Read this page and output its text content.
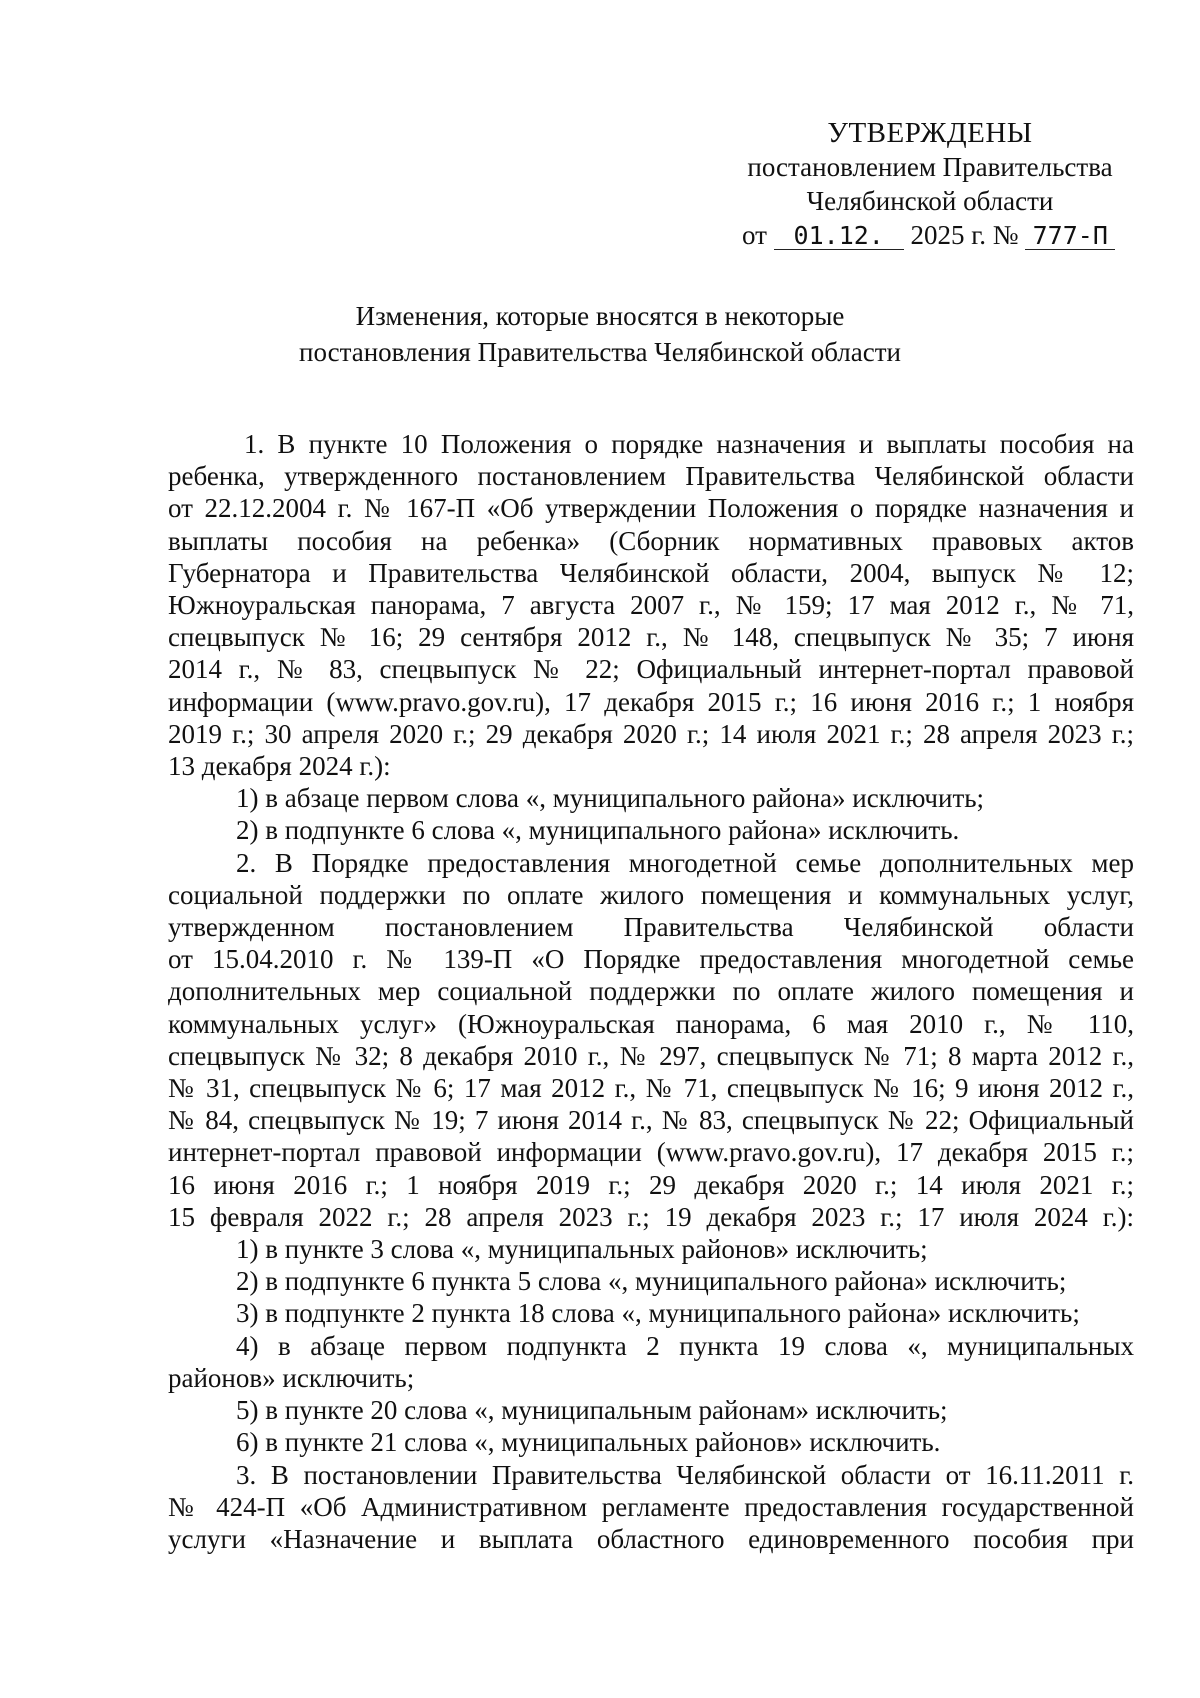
УТВЕРЖДЕНЫ
постановлением Правительства
Челябинской области
от 01.12. 2025 г. № 777-П
Изменения, которые вносятся в некоторые
постановления Правительства Челябинской области

1. В пункте 10 Положения о порядке назначения и выплаты пособия на

ребенка, утвержденного постановлением Правительства Челябинской области

от 22.12.2004 г. № 167-П «Об утверждении Положения о порядке назначения и

выплаты пособия на ребенка» (Сборник нормативных правовых актов

Губернатора и Правительства Челябинской области, 2004, выпуск № 12;

Южноуральская панорама, 7 августа 2007 г., № 159; 17 мая 2012 г., № 71,

спецвыпуск № 16; 29 сентября 2012 г., № 148, спецвыпуск № 35; 7 июня

2014 г., № 83, спецвыпуск № 22; Официальный интернет-портал правовой

информации (www.pravo.gov.ru), 17 декабря 2015 г.; 16 июня 2016 г.; 1 ноября

2019 г.; 30 апреля 2020 г.; 29 декабря 2020 г.; 14 июля 2021 г.; 28 апреля 2023 г.;

13 декабря 2024 г.):

1) в абзаце первом слова «, муниципального района» исключить;

2) в подпункте 6 слова «, муниципального района» исключить.

2. В Порядке предоставления многодетной семье дополнительных мер

социальной поддержки по оплате жилого помещения и коммунальных услуг,

утвержденном постановлением Правительства Челябинской области

от 15.04.2010 г. № 139-П «О Порядке предоставления многодетной семье

дополнительных мер социальной поддержки по оплате жилого помещения и

коммунальных услуг» (Южноуральская панорама, 6 мая 2010 г., № 110,

спецвыпуск № 32; 8 декабря 2010 г., № 297, спецвыпуск № 71; 8 марта 2012 г.,

№ 31, спецвыпуск № 6; 17 мая 2012 г., № 71, спецвыпуск № 16; 9 июня 2012 г.,

№ 84, спецвыпуск № 19; 7 июня 2014 г., № 83, спецвыпуск № 22; Официальный

интернет-портал правовой информации (www.pravo.gov.ru), 17 декабря 2015 г.;

16 июня 2016 г.; 1 ноября 2019 г.; 29 декабря 2020 г.; 14 июля 2021 г.;

15 февраля 2022 г.; 28 апреля 2023 г.; 19 декабря 2023 г.; 17 июля 2024 г.):

1) в пункте 3 слова «, муниципальных районов» исключить;

2) в подпункте 6 пункта 5 слова «, муниципального района» исключить;

3) в подпункте 2 пункта 18 слова «, муниципального района» исключить;

4) в абзаце первом подпункта 2 пункта 19 слова «, муниципальных

районов» исключить;

5) в пункте 20 слова «, муниципальным районам» исключить;

6) в пункте 21 слова «, муниципальных районов» исключить.

3. В постановлении Правительства Челябинской области от 16.11.2011 г.

№ 424-П «Об Административном регламенте предоставления государственной

услуги «Назначение и выплата областного единовременного пособия при
